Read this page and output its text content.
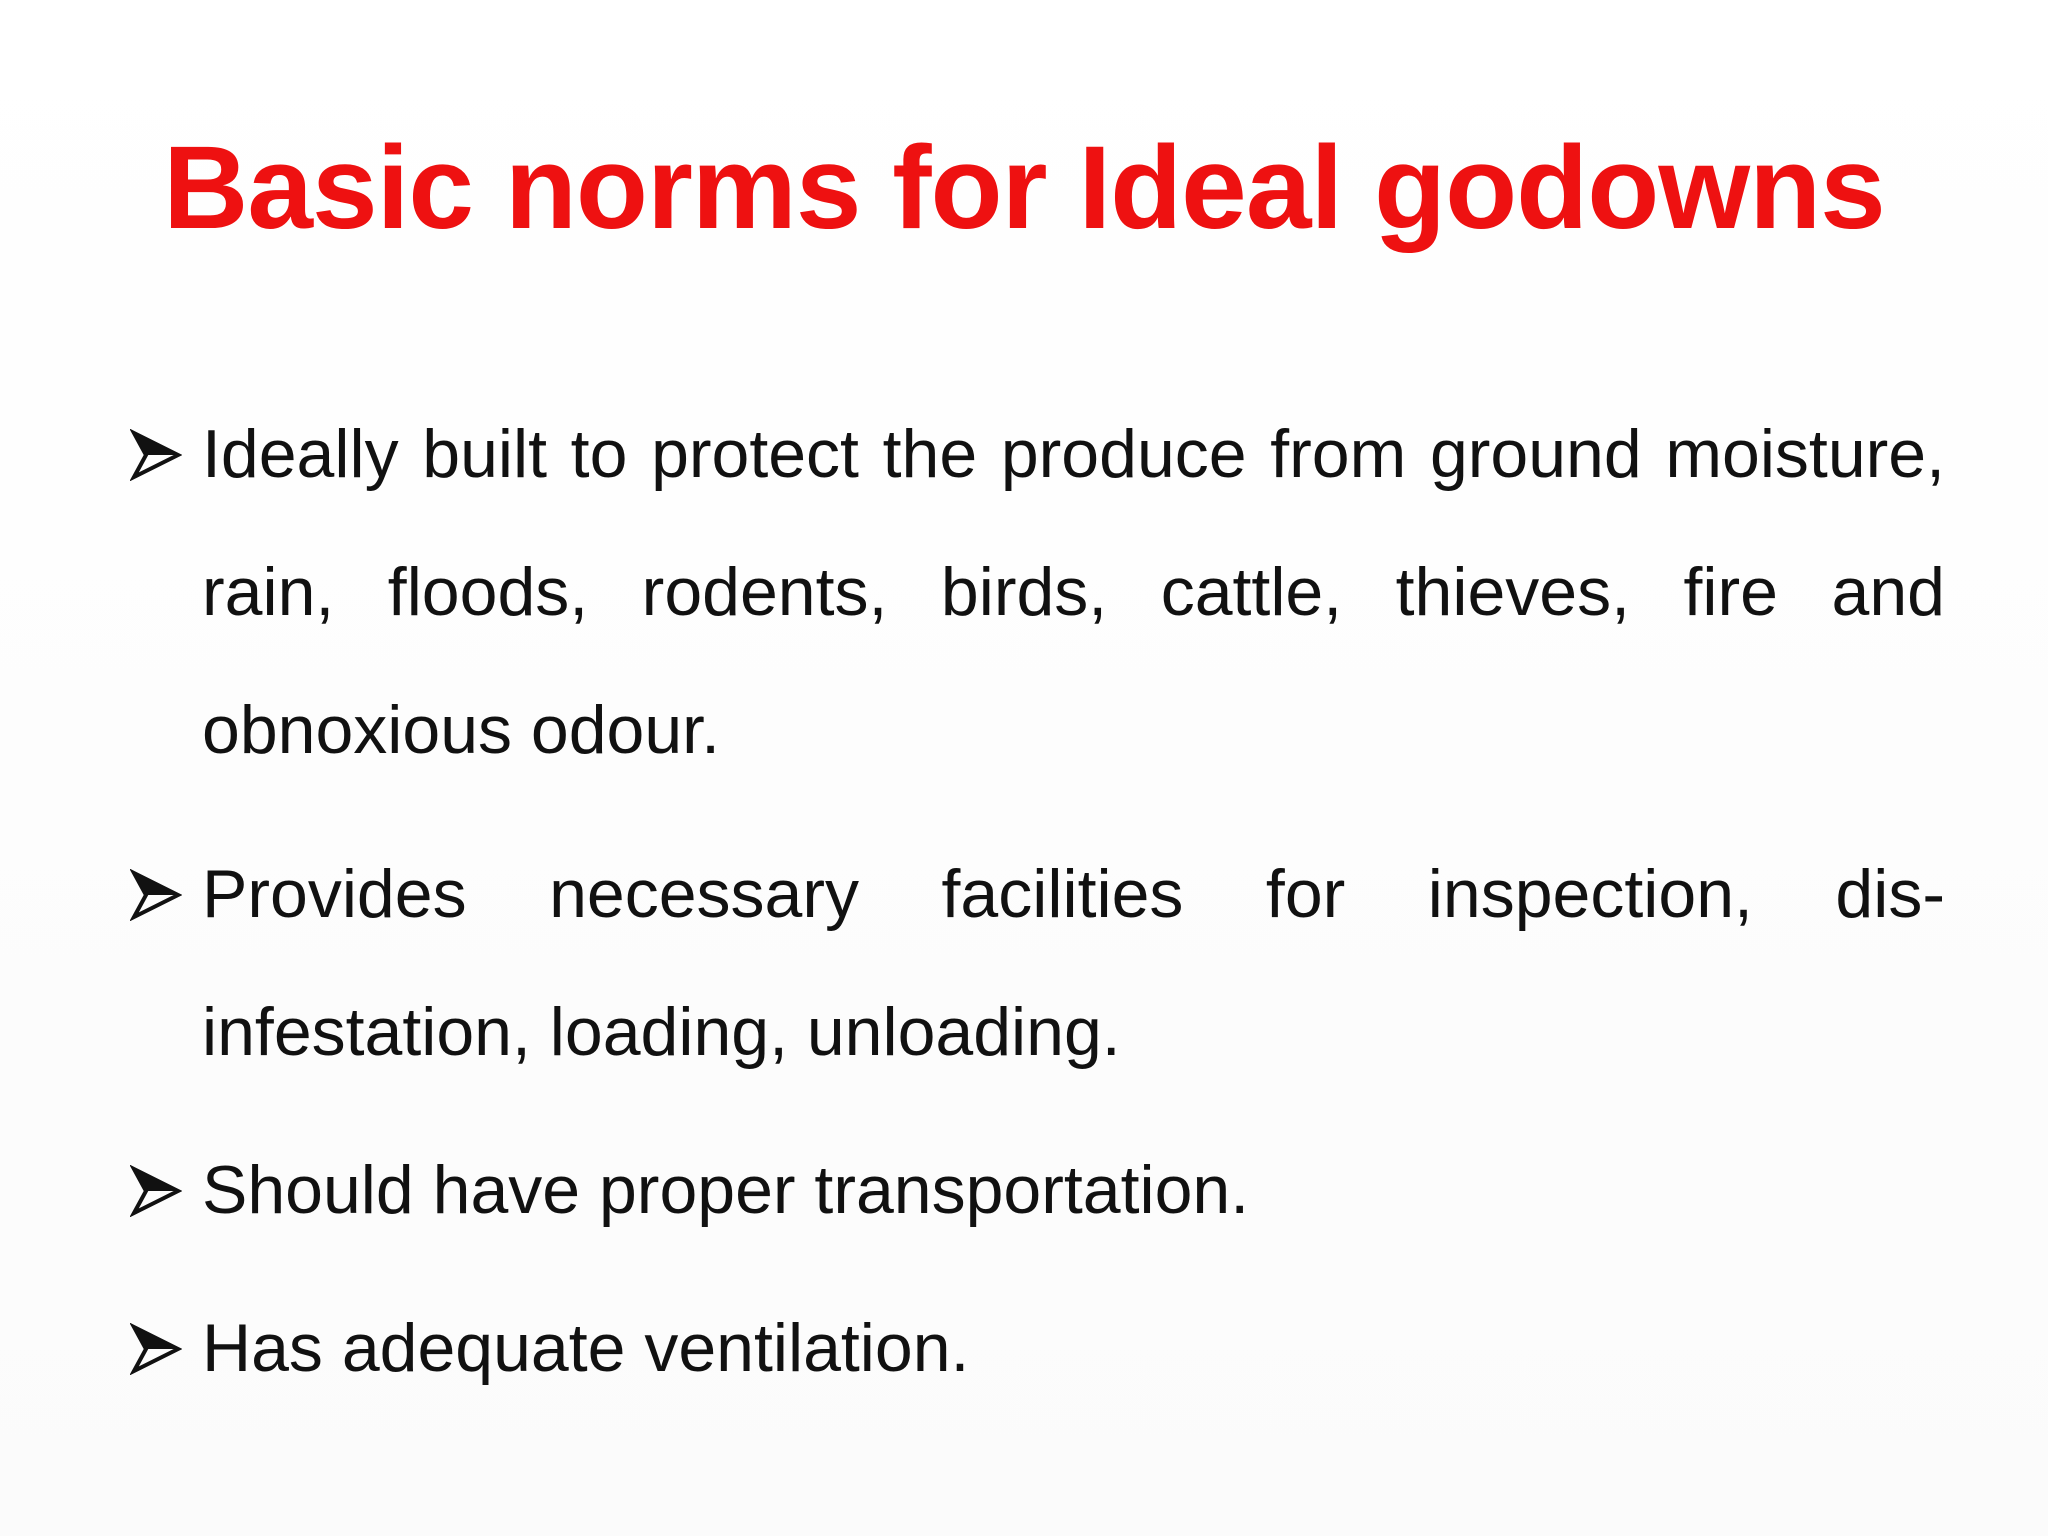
Basic norms for Ideal godowns
Ideally built to protect the produce from ground moisture, rain, floods, rodents, birds, cattle, thieves, fire and obnoxious odour.
Provides necessary facilities for inspection, dis-infestation, loading, unloading.
Should have proper transportation.
Has adequate ventilation.
